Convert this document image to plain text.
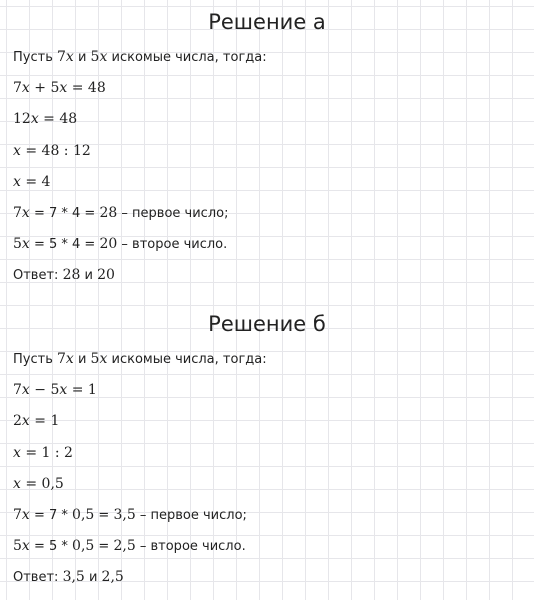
Решение а
Пусть 7x и 5x искомые числа, тогда:
7x + 5x = 48
12x = 48
x = 48 : 12
x = 4
7x = 7 * 4 = 28 – первое число;
5x = 5 * 4 = 20 – второе число.
Ответ: 28 и 20
Решение б
Пусть 7x и 5x искомые числа, тогда:
7x − 5x = 1
2x = 1
x = 1 : 2
x = 0,5
7x = 7 * 0,5 = 3,5 – первое число;
5x = 5 * 0,5 = 2,5 – второе число.
Ответ: 3,5 и 2,5
